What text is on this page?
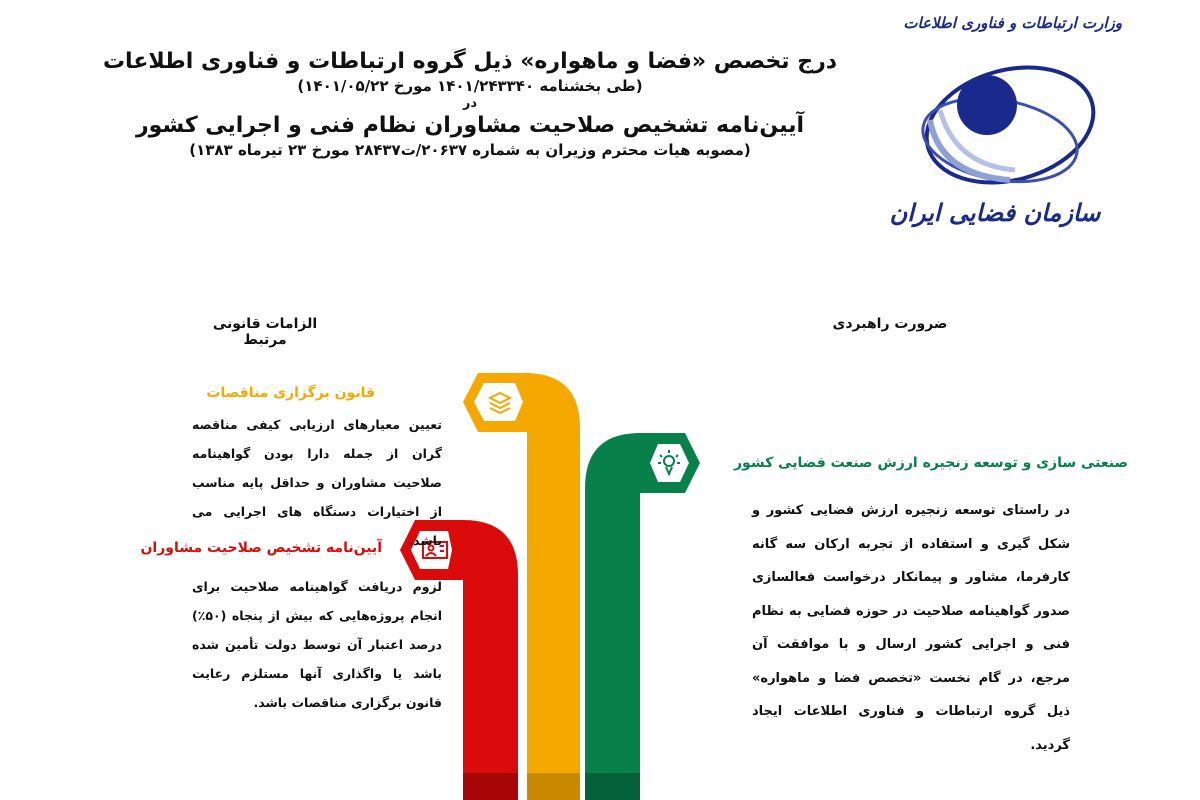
درج تخصص «فضا و ماهواره» ذیل گروه ارتباطات و فناوری اطلاعات
(طی بخشنامه ۱۴۰۱/۲۴۳۳۴۰ مورخ ۱۴۰۱/۰۵/۲۲)
در
آیین‌نامه تشخیص صلاحیت مشاوران نظام فنی و اجرایی کشور
(مصوبه هیات محترم وزیران به شماره ۲۰۶۳۷/ت۲۸۴۳۷ مورخ ۲۳ تیرماه ۱۳۸۳)
وزارت ارتباطات و فناوری اطلاعات
سازمان فضایی ایران
الزامات قانونی مرتبط
ضرورت راهبردی
قانون برگزاری مناقصات
تعیین معیارهای ارزیابی کیفی مناقصه گران از جمله دارا بودن گواهینامه صلاحیت مشاوران و حداقل پایه مناسب از اختیارات دستگاه های اجرایی می باشد.
آیین‌نامه تشخیص صلاحیت مشاوران
لزوم دریافت گواهینامه صلاحیت برای انجام پروژه‌هایی که بیش از پنجاه (۵۰٪) درصد اعتبار آن توسط دولت تأمین شده باشد یا واگذاری آنها مستلزم رعایت قانون برگزاری مناقصات باشد.
صنعتی سازی و توسعه زنجیره ارزش صنعت فضایی کشور
در راستای توسعه زنجیره ارزش فضایی کشور و شکل گیری و استفاده از تجربه ارکان سه گانه کارفرما، مشاور و پیمانکار درخواست فعالسازی صدور گواهینامه صلاحیت در حوزه فضایی به نظام فنی و اجرایی کشور ارسال و با موافقت آن مرجع، در گام نخست «تخصص فضا و ماهواره» ذیل گروه ارتباطات و فناوری اطلاعات ایجاد گردید.
